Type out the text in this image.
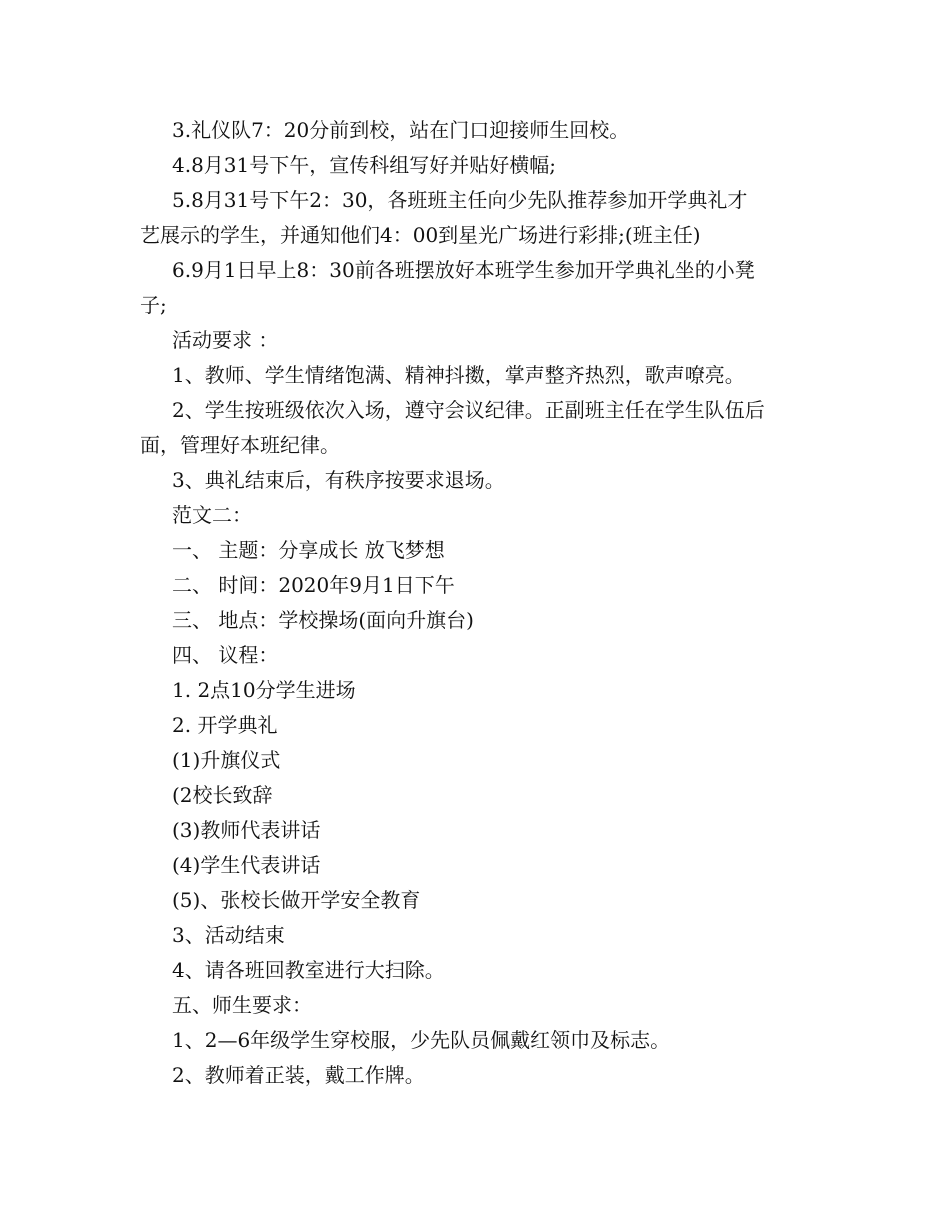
3.礼仪队7：20分前到校，站在门口迎接师生回校。
4.8月31号下午，宣传科组写好并贴好横幅;
5.8月31号下午2：30，各班班主任向少先队推荐参加开学典礼才
艺展示的学生，并通知他们4：00到星光广场进行彩排;(班主任)
6.9月1日早上8：30前各班摆放好本班学生参加开学典礼坐的小凳
子;
活动要求 ：
1、教师、学生情绪饱满、精神抖擞，掌声整齐热烈，歌声嘹亮。
2、学生按班级依次入场，遵守会议纪律。正副班主任在学生队伍后
面，管理好本班纪律。
3、典礼结束后，有秩序按要求退场。
范文二：
一、 主题：分享成长 放飞梦想
二、 时间：2020年9月1日下午
三、 地点：学校操场(面向升旗台)
四、 议程：
1. 2点10分学生进场
2. 开学典礼
(1)升旗仪式
(2校长致辞
(3)教师代表讲话
(4)学生代表讲话
(5)、张校长做开学安全教育
3、活动结束
4、请各班回教室进行大扫除。
五、师生要求：
1、2—6年级学生穿校服，少先队员佩戴红领巾及标志。
2、教师着正装，戴工作牌。
